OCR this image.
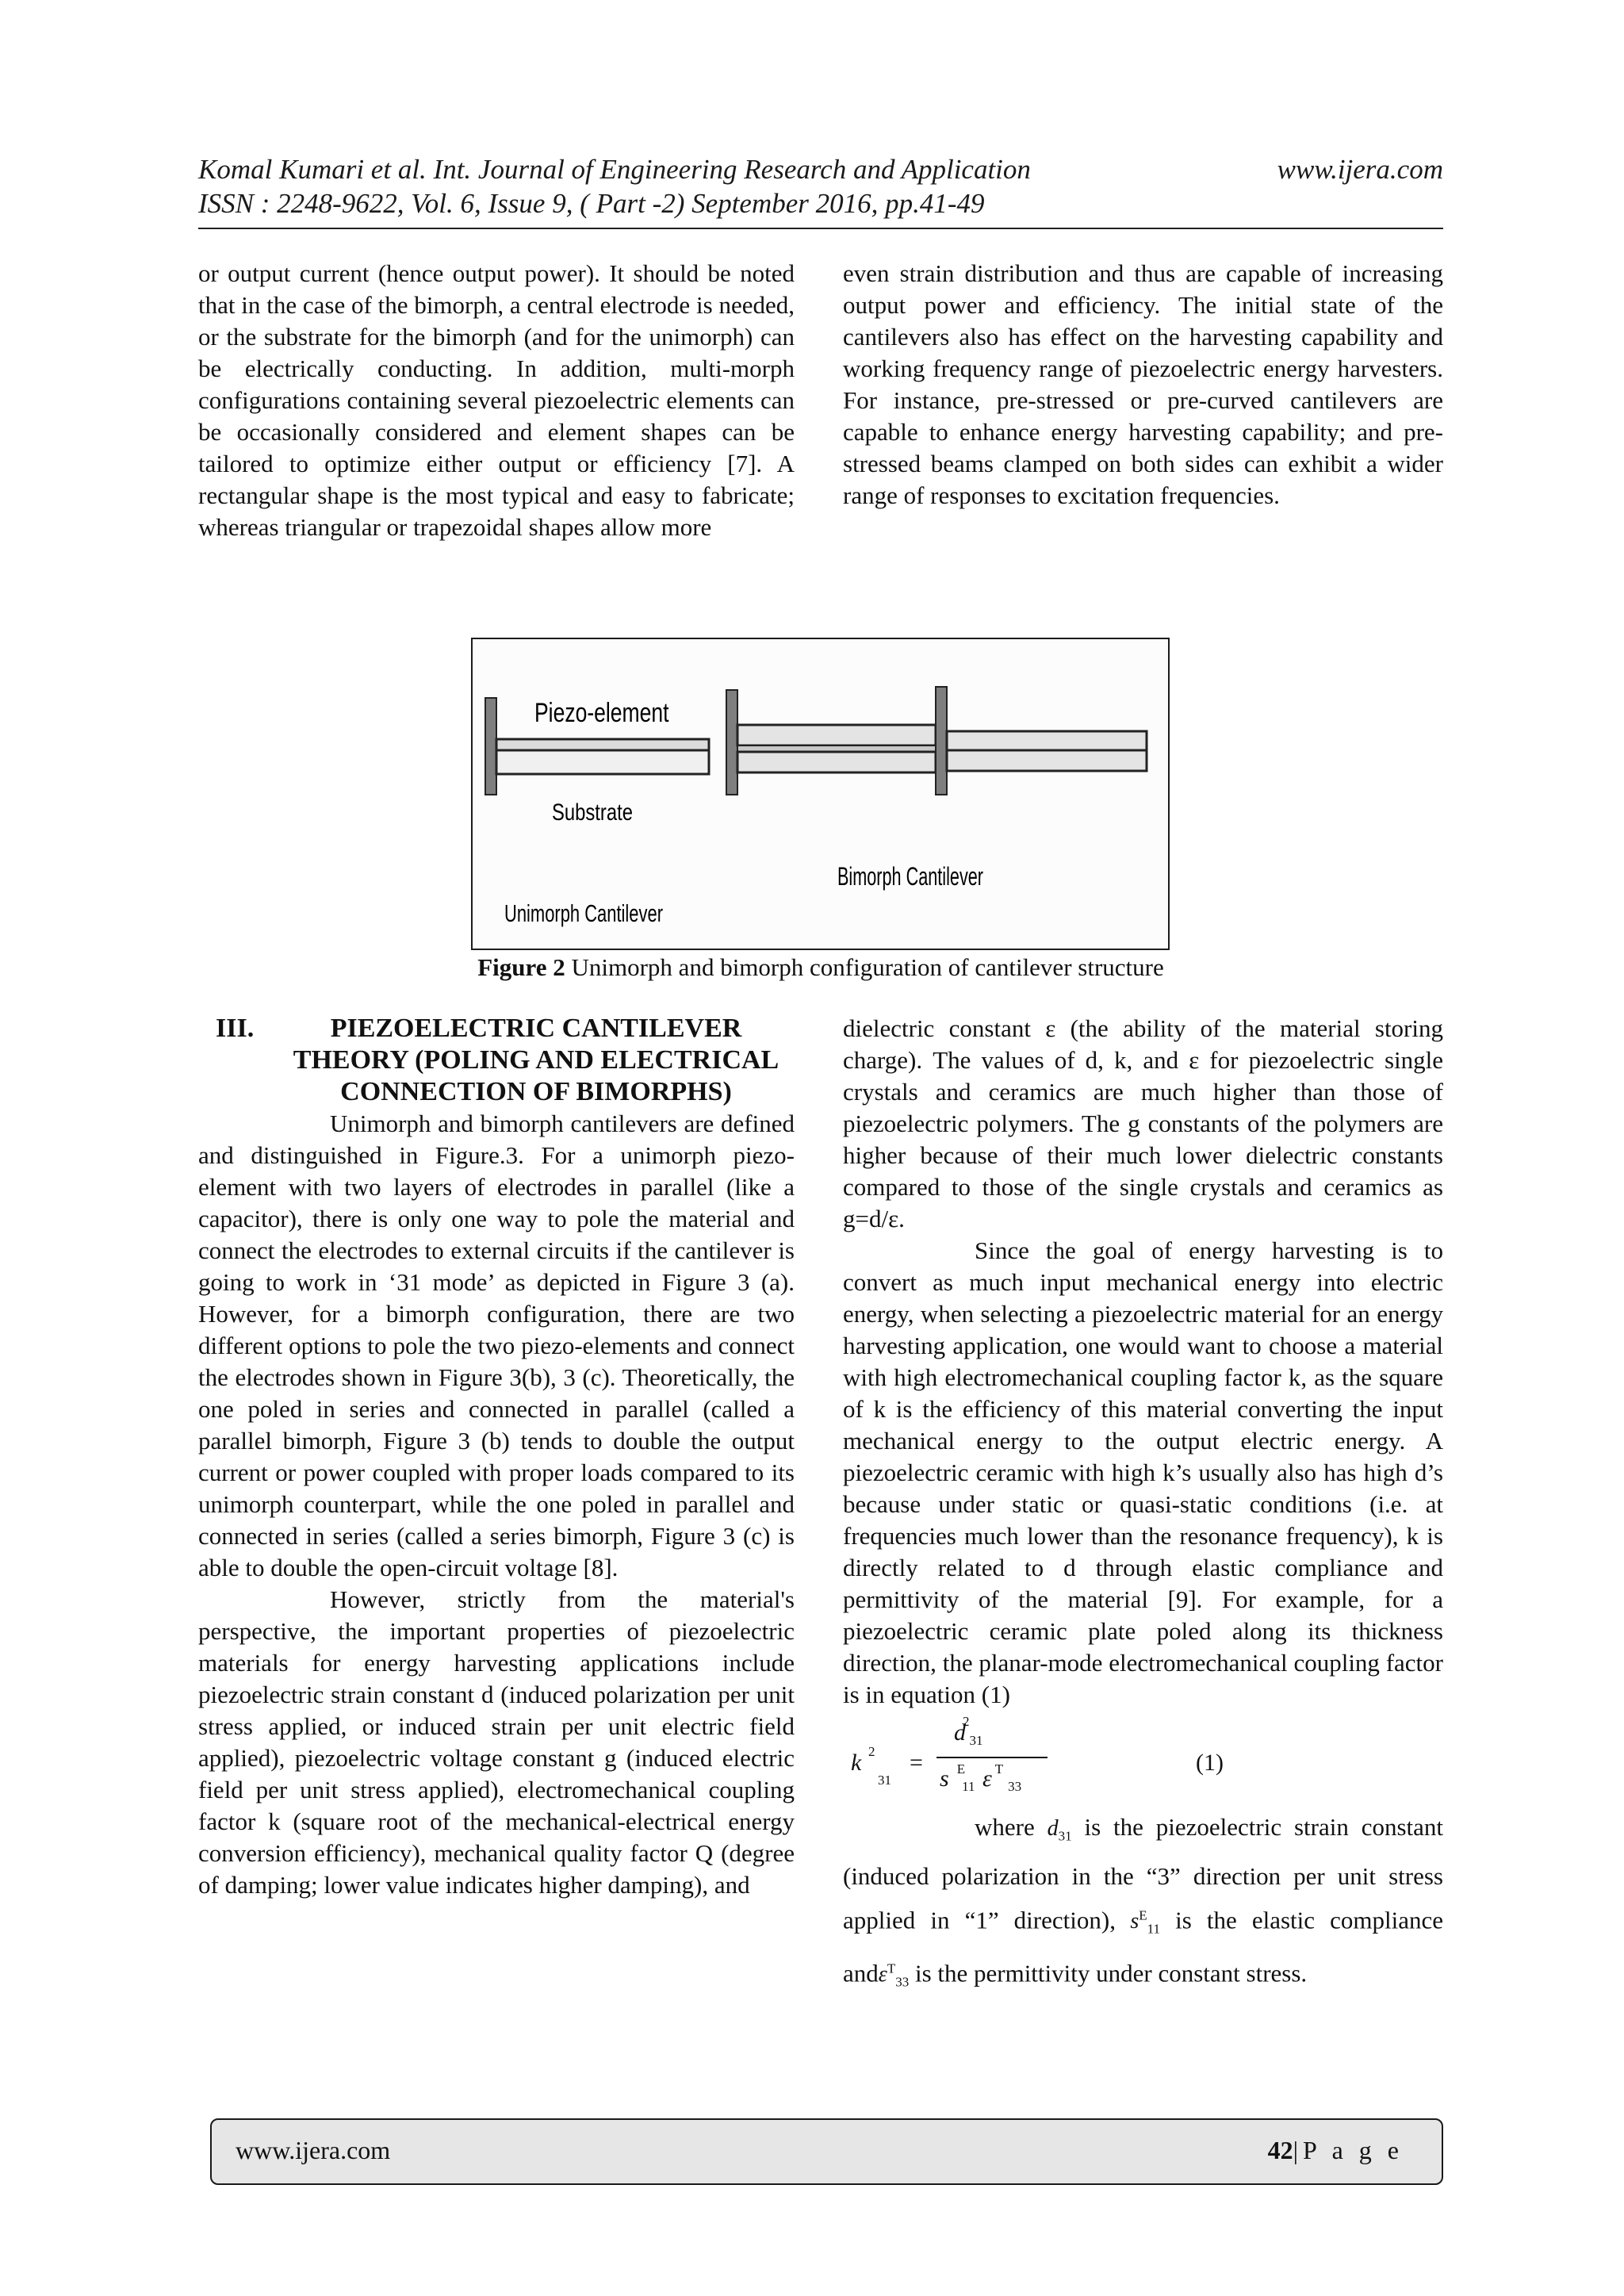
Komal Kumari et al. Int. Journal of Engineering Research and Application	www.ijera.com
ISSN : 2248-9622, Vol. 6, Issue 9, ( Part -2) September 2016, pp.41-49

or output current (hence output power). It should be noted that in the case of the bimorph, a central electrode is needed, or the substrate for the bimorph (and for the unimorph) can be electrically conducting. In addition, multi-morph configurations containing several piezoelectric elements can be occasionally considered and element shapes can be tailored to optimize either output or efficiency [7]. A rectangular shape is the most typical and easy to fabricate; whereas triangular or trapezoidal shapes allow more

even strain distribution and thus are capable of increasing output power and efficiency. The initial state of the cantilevers also has effect on the harvesting capability and working frequency range of piezoelectric energy harvesters. For instance, pre-stressed or pre-curved cantilevers are capable to enhance energy harvesting capability; and pre-stressed beams clamped on both sides can exhibit a wider range of responses to excitation frequencies.

Piezo-element
Substrate
Unimorph Cantilever
Bimorph Cantilever
Figure 2 Unimorph and bimorph configuration of cantilever structure
III.	PIEZOELECTRIC CANTILEVER THEORY (POLING AND ELECTRICAL CONNECTION OF BIMORPHS)

Unimorph and bimorph cantilevers are defined and distinguished in Figure.3. For a unimorph piezo-element with two layers of electrodes in parallel (like a capacitor), there is only one way to pole the material and connect the electrodes to external circuits if the cantilever is going to work in ‘31 mode’ as depicted in Figure 3 (a). However, for a bimorph configuration, there are two different options to pole the two piezo-elements and connect the electrodes shown in Figure 3(b), 3 (c). Theoretically, the one poled in series and connected in parallel (called a parallel bimorph, Figure 3 (b) tends to double the output current or power coupled with proper loads compared to its unimorph counterpart, while the one poled in parallel and connected in series (called a series bimorph, Figure 3 (c) is able to double the open-circuit voltage [8].

However, strictly from the material's perspective, the important properties of piezoelectric materials for energy harvesting applications include piezoelectric strain constant d (induced polarization per unit stress applied, or induced strain per unit electric field applied), piezoelectric voltage constant g (induced electric field per unit stress applied), electromechanical coupling factor k (square root of the mechanical-electrical energy conversion efficiency), mechanical quality factor Q (degree of damping; lower value indicates higher damping), and

dielectric constant ε (the ability of the material storing charge). The values of d, k, and ε for piezoelectric single crystals and ceramics are much higher than those of piezoelectric polymers. The g constants of the polymers are higher because of their much lower dielectric constants compared to those of the single crystals and ceramics as g=d/ε.

Since the goal of energy harvesting is to convert as much input mechanical energy into electric energy, when selecting a piezoelectric material for an energy harvesting application, one would want to choose a material with high electromechanical coupling factor k, as the square of k is the efficiency of this material converting the input mechanical energy to the output electric energy. A piezoelectric ceramic with high k’s usually also has high d’s because under static or quasi-static conditions (i.e. at frequencies much lower than the resonance frequency), k is directly related to d through elastic compliance and permittivity of the material [9]. For example, for a piezoelectric ceramic plate poled along its thickness direction, the planar-mode electromechanical coupling factor is in equation (1)

k 2
31
=
$d^2_{31}$
s $^E_{11}$ ε $^T_{33}$
(1)

where $d_{31}$ is the piezoelectric strain constant (induced polarization in the “3” direction per unit stress applied in “1” direction), $s^E_{11}$ is the elastic compliance andε$^T_{33}$ is the permittivity under constant stress.

www.ijera.com	42|P a g e
